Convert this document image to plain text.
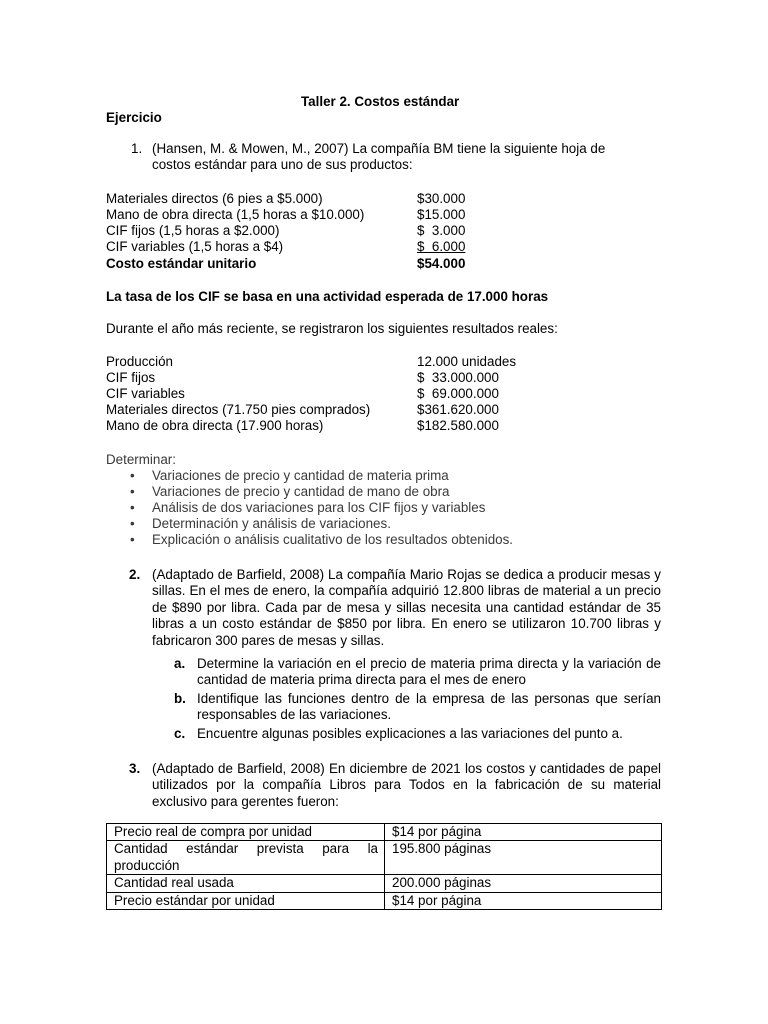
Taller 2. Costos estándar
Ejercicio
1. (Hansen, M. & Mowen, M., 2007) La compañía BM tiene la siguiente hoja de
costos estándar para uno de sus productos:
Materiales directos (6 pies a $5.000)	$30.000
Mano de obra directa (1,5 horas a $10.000)	$15.000
CIF fijos (1,5 horas a $2.000)	$  3.000
CIF variables (1,5 horas a $4)	$  6.000
Costo estándar unitario	$54.000
La tasa de los CIF se basa en una actividad esperada de 17.000 horas
Durante el año más reciente, se registraron los siguientes resultados reales:
Producción	12.000 unidades
CIF fijos	$  33.000.000
CIF variables	$  69.000.000
Materiales directos (71.750 pies comprados)	$361.620.000
Mano de obra directa (17.900 horas)	$182.580.000
Determinar:
• Variaciones de precio y cantidad de materia prima
• Variaciones de precio y cantidad de mano de obra
• Análisis de dos variaciones para los CIF fijos y variables
• Determinación y análisis de variaciones.
• Explicación o análisis cualitativo de los resultados obtenidos.
2. (Adaptado de Barfield, 2008) La compañía Mario Rojas se dedica a producir mesas y sillas. En el mes de enero, la compañía adquirió 12.800 libras de material a un precio de $890 por libra. Cada par de mesa y sillas necesita una cantidad estándar de 35 libras a un costo estándar de $850 por libra. En enero se utilizaron 10.700 libras y fabricaron 300 pares de mesas y sillas.
a. Determine la variación en el precio de materia prima directa y la variación de cantidad de materia prima directa para el mes de enero
b. Identifique las funciones dentro de la empresa de las personas que serían responsables de las variaciones.
c. Encuentre algunas posibles explicaciones a las variaciones del punto a.
3. (Adaptado de Barfield, 2008) En diciembre de 2021 los costos y cantidades de papel utilizados por la compañía Libros para Todos en la fabricación de su material exclusivo para gerentes fueron:
Precio real de compra por unidad	$14 por página
Cantidad estándar prevista para la producción	195.800 páginas
Cantidad real usada	200.000 páginas
Precio estándar por unidad	$14 por página
